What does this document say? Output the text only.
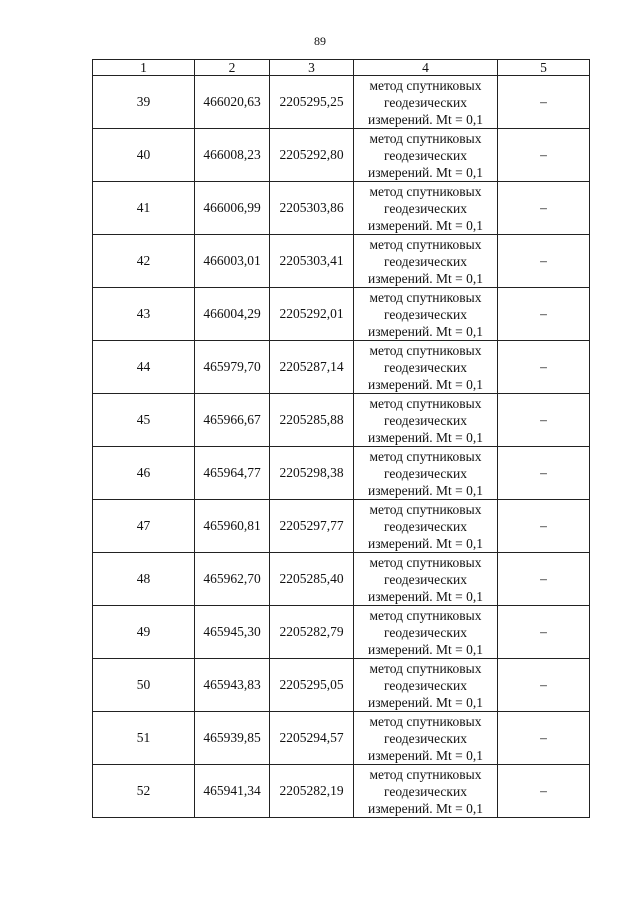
89
1	2	3	4	5
39	466020,63	2205295,25	метод спутниковых
геодезических
измерений. Mt = 0,1	–
40	466008,23	2205292,80	метод спутниковых
геодезических
измерений. Mt = 0,1	–
41	466006,99	2205303,86	метод спутниковых
геодезических
измерений. Mt = 0,1	–
42	466003,01	2205303,41	метод спутниковых
геодезических
измерений. Mt = 0,1	–
43	466004,29	2205292,01	метод спутниковых
геодезических
измерений. Mt = 0,1	–
44	465979,70	2205287,14	метод спутниковых
геодезических
измерений. Mt = 0,1	–
45	465966,67	2205285,88	метод спутниковых
геодезических
измерений. Mt = 0,1	–
46	465964,77	2205298,38	метод спутниковых
геодезических
измерений. Mt = 0,1	–
47	465960,81	2205297,77	метод спутниковых
геодезических
измерений. Mt = 0,1	–
48	465962,70	2205285,40	метод спутниковых
геодезических
измерений. Mt = 0,1	–
49	465945,30	2205282,79	метод спутниковых
геодезических
измерений. Mt = 0,1	–
50	465943,83	2205295,05	метод спутниковых
геодезических
измерений. Mt = 0,1	–
51	465939,85	2205294,57	метод спутниковых
геодезических
измерений. Mt = 0,1	–
52	465941,34	2205282,19	метод спутниковых
геодезических
измерений. Mt = 0,1	–
